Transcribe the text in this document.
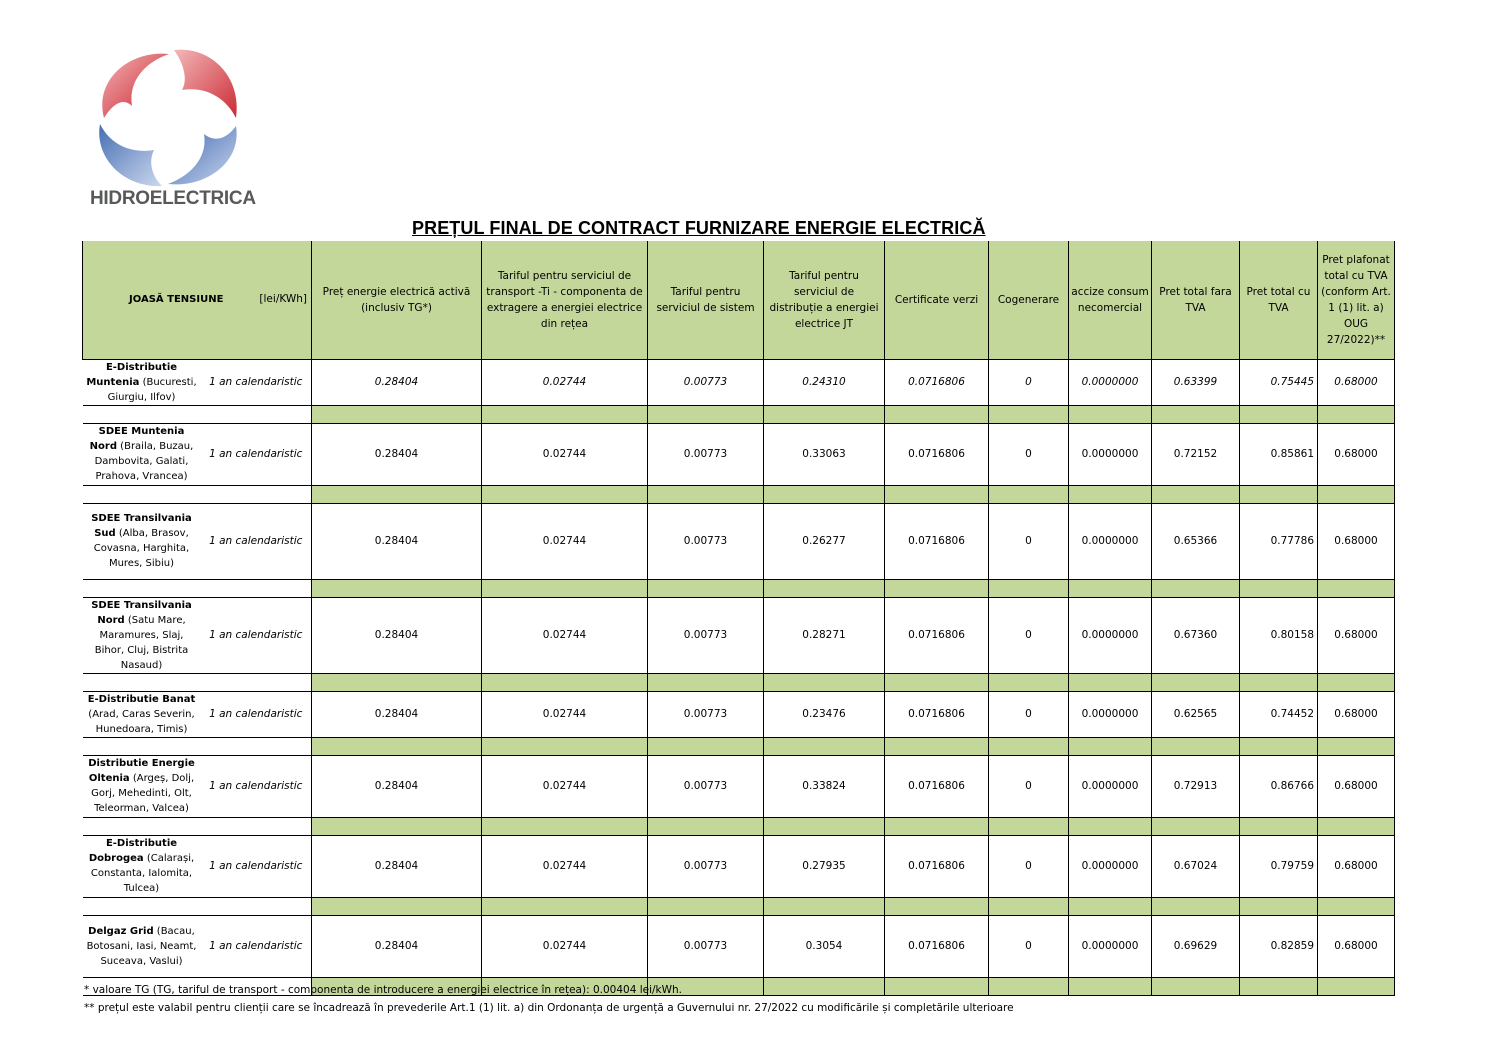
HIDROELECTRICA
PREȚUL FINAL DE CONTRACT FURNIZARE ENERGIE ELECTRICĂ
JOASĂ TENSIUNE [lei/KWh]		Preț energie electrică activă (inclusiv TG*)	Tariful pentru serviciul de transport -Ti - componenta de extragere a energiei electrice din rețea	Tariful pentru serviciul de sistem	Tariful pentru serviciul de distribuție a energiei electrice JT	Certificate verzi	Cogenerare	accize consum necomercial	Pret total fara TVA	Pret total cu TVA	Pret plafonat total cu TVA (conform Art. 1 (1) lit. a) OUG 27/2022)**
E-Distributie Muntenia (Bucuresti, Giurgiu, Ilfov)	1 an calendaristic	0.28404	0.02744	0.00773	0.24310	0.0716806	0	0.0000000	0.63399	0.75445	0.68000

SDEE Muntenia Nord (Braila, Buzau, Dambovita, Galati, Prahova, Vrancea)	1 an calendaristic	0.28404	0.02744	0.00773	0.33063	0.0716806	0	0.0000000	0.72152	0.85861	0.68000

SDEE Transilvania Sud (Alba, Brasov, Covasna, Harghita, Mures, Sibiu)	1 an calendaristic	0.28404	0.02744	0.00773	0.26277	0.0716806	0	0.0000000	0.65366	0.77786	0.68000

SDEE Transilvania Nord (Satu Mare, Maramures, Slaj, Bihor, Cluj, Bistrita Nasaud)	1 an calendaristic	0.28404	0.02744	0.00773	0.28271	0.0716806	0	0.0000000	0.67360	0.80158	0.68000

E-Distributie Banat (Arad, Caras Severin, Hunedoara, Timis)	1 an calendaristic	0.28404	0.02744	0.00773	0.23476	0.0716806	0	0.0000000	0.62565	0.74452	0.68000

Distributie Energie Oltenia (Argeș, Dolj, Gorj, Mehedinti, Olt, Teleorman, Valcea)	1 an calendaristic	0.28404	0.02744	0.00773	0.33824	0.0716806	0	0.0000000	0.72913	0.86766	0.68000

E-Distributie Dobrogea (Calarași, Constanta, Ialomita, Tulcea)	1 an calendaristic	0.28404	0.02744	0.00773	0.27935	0.0716806	0	0.0000000	0.67024	0.79759	0.68000

Delgaz Grid (Bacau, Botosani, Iasi, Neamt, Suceava, Vaslui)	1 an calendaristic	0.28404	0.02744	0.00773	0.3054	0.0716806	0	0.0000000	0.69629	0.82859	0.68000

* valoare TG (TG, tariful de transport - componenta de introducere a energiei electrice în rețea): 0.00404 lei/kWh.
** prețul este valabil pentru clienții care se încadrează în prevederile Art.1 (1) lit. a) din Ordonanța de urgență a Guvernului nr. 27/2022 cu modificările și completările ulterioare
